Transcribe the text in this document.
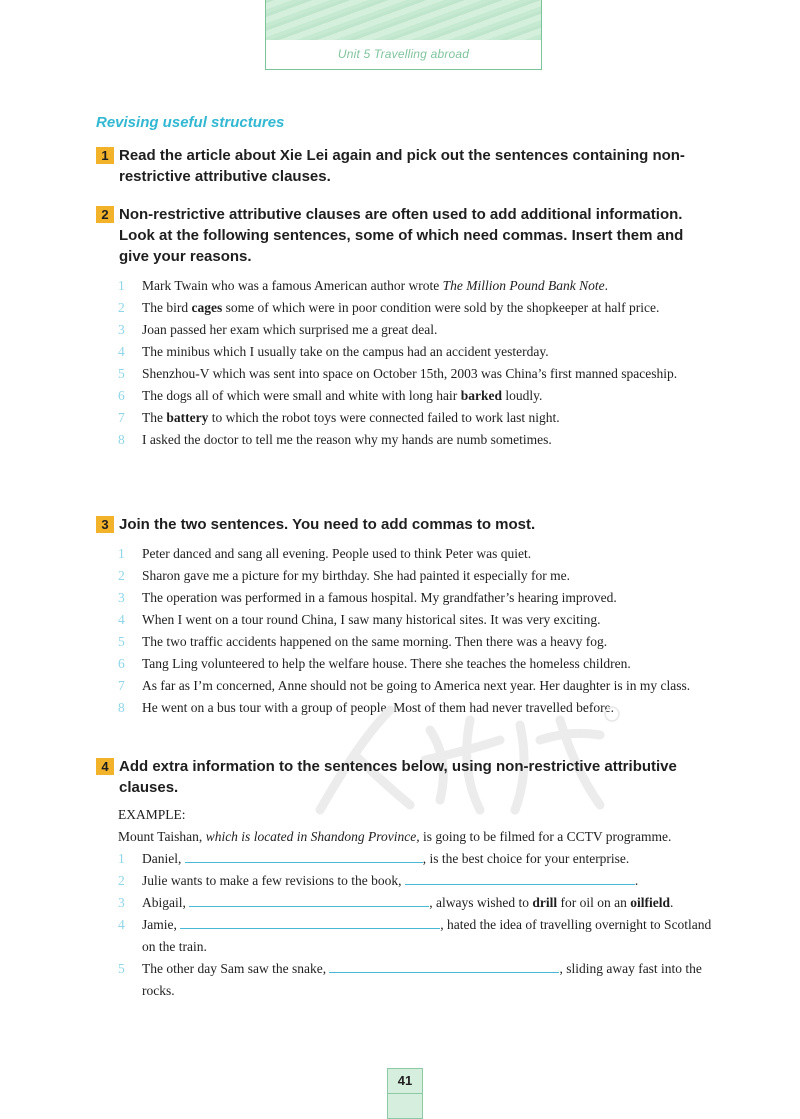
Unit 5 Travelling abroad
Revising useful structures
1 Read the article about Xie Lei again and pick out the sentences containing non-restrictive attributive clauses.
2 Non-restrictive attributive clauses are often used to add additional information. Look at the following sentences, some of which need commas. Insert them and give your reasons.
1 Mark Twain who was a famous American author wrote The Million Pound Bank Note.
2 The bird cages some of which were in poor condition were sold by the shopkeeper at half price.
3 Joan passed her exam which surprised me a great deal.
4 The minibus which I usually take on the campus had an accident yesterday.
5 Shenzhou-V which was sent into space on October 15th, 2003 was China’s first manned spaceship.
6 The dogs all of which were small and white with long hair barked loudly.
7 The battery to which the robot toys were connected failed to work last night.
8 I asked the doctor to tell me the reason why my hands are numb sometimes.
3 Join the two sentences. You need to add commas to most.
1 Peter danced and sang all evening. People used to think Peter was quiet.
2 Sharon gave me a picture for my birthday. She had painted it especially for me.
3 The operation was performed in a famous hospital. My grandfather’s hearing improved.
4 When I went on a tour round China, I saw many historical sites. It was very exciting.
5 The two traffic accidents happened on the same morning. Then there was a heavy fog.
6 Tang Ling volunteered to help the welfare house. There she teaches the homeless children.
7 As far as I’m concerned, Anne should not be going to America next year. Her daughter is in my class.
8 He went on a bus tour with a group of people. Most of them had never travelled before.
4 Add extra information to the sentences below, using non-restrictive attributive clauses.
EXAMPLE:
Mount Taishan, which is located in Shandong Province, is going to be filmed for a CCTV programme.
1 Daniel,	, is the best choice for your enterprise.
2 Julie wants to make a few revisions to the book,	.
3 Abigail,	, always wished to drill for oil on an oilfield.
4 Jamie,	, hated the idea of travelling overnight to Scotland on the train.
5 The other day Sam saw the snake,	, sliding away fast into the rocks.
41
